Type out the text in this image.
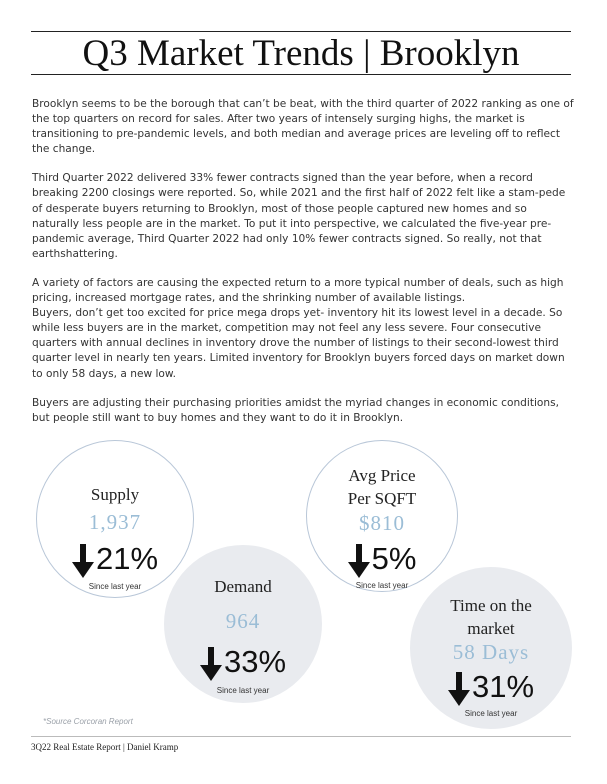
Q3 Market Trends | Brooklyn

Brooklyn seems to be the borough that can’t be beat, with the third quarter of 2022 ranking as one of the top quarters on record for sales. After two years of intensely surging highs, the market is transitioning to pre-pandemic levels, and both median and average prices are leveling off to reflect the change.

Third Quarter 2022 delivered 33% fewer contracts signed than the year before, when a record breaking 2200 closings were reported. So, while 2021 and the first half of 2022 felt like a stam-pede of desperate buyers returning to Brooklyn, most of those people captured new homes and so naturally less people are in the market. To put it into perspective, we calculated the five-year pre-pandemic average, Third Quarter 2022 had only 10% fewer contracts signed. So really, not that earthshattering.

A variety of factors are causing the expected return to a more typical number of deals, such as high pricing, increased mortgage rates, and the shrinking number of available listings.
Buyers, don’t get too excited for price mega drops yet- inventory hit its lowest level in a decade. So while less buyers are in the market, competition may not feel any less severe. Four consecutive quarters with annual declines in inventory drove the number of listings to their second-lowest third quarter level in nearly ten years. Limited inventory for Brooklyn buyers forced days on market down to only 58 days, a new low.

Buyers are adjusting their purchasing priorities amidst the myriad changes in economic conditions, but people still want to buy homes and they want to do it in Brooklyn.

Supply
1,937
21%
Since last year	Demand
964
33%
Since last year
Avg Price
Per SQFT
$810
5%
Since last year
Time on the
market
58 Days
31%
Since last year
*Source Corcoran Report
3Q22 Real Estate Report | Daniel Kramp
